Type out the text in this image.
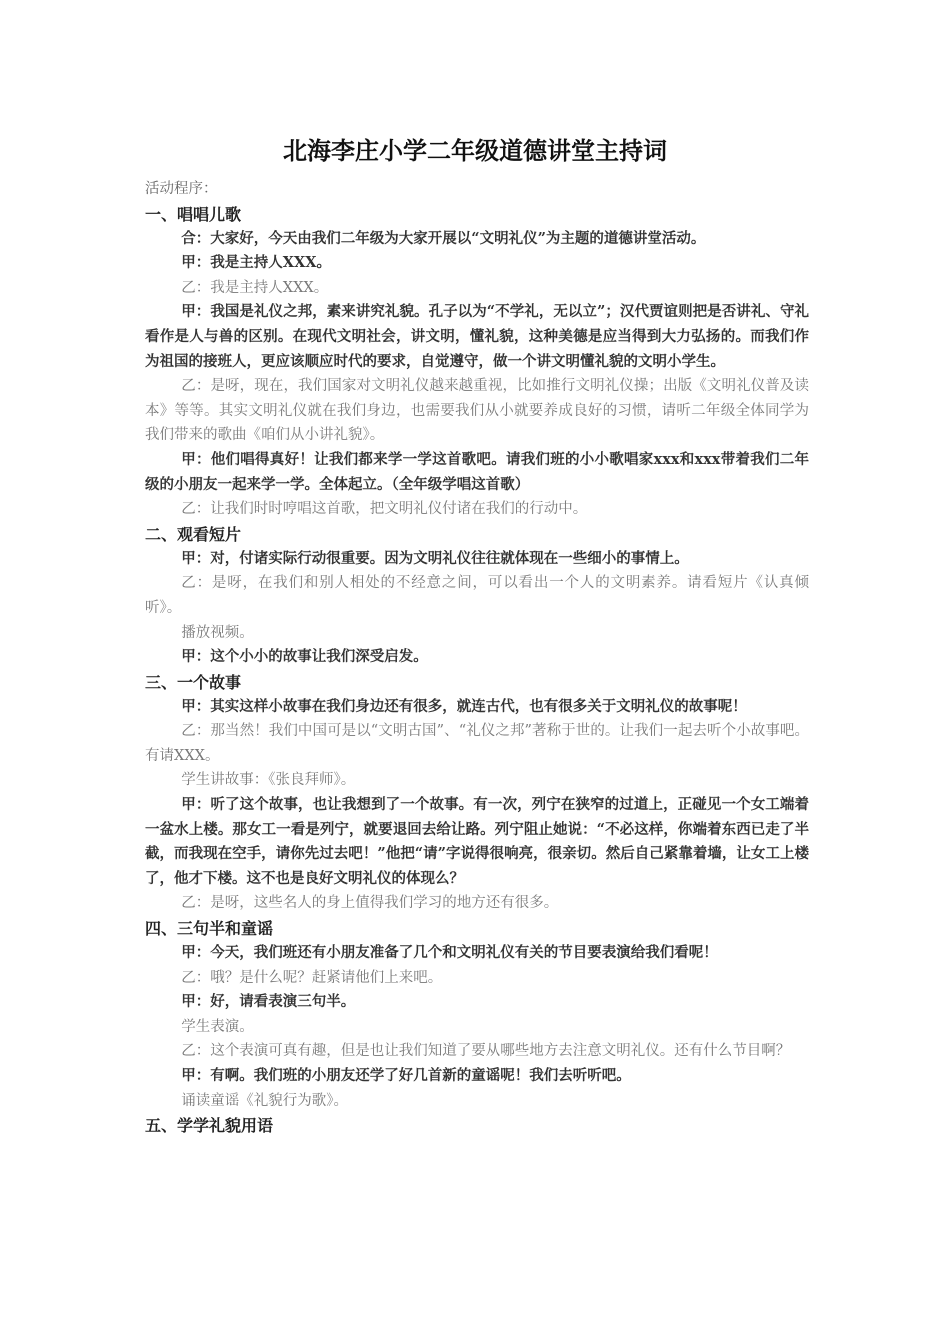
北海李庄小学二年级道德讲堂主持词
活动程序：
一、唱唱儿歌

合：大家好，今天由我们二年级为大家开展以“文明礼仪”为主题的道德讲堂活动。

甲：我是主持人XXX。

乙：我是主持人XXX。

甲：我国是礼仪之邦，素来讲究礼貌。孔子以为“不学礼，无以立”；汉代贾谊则把是否讲礼、守礼看作是人与兽的区别。在现代文明社会，讲文明，懂礼貌，这种美德是应当得到大力弘扬的。而我们作为祖国的接班人，更应该顺应时代的要求，自觉遵守，做一个讲文明懂礼貌的文明小学生。

乙：是呀，现在，我们国家对文明礼仪越来越重视，比如推行文明礼仪操；出版《文明礼仪普及读本》等等。其实文明礼仪就在我们身边，也需要我们从小就要养成良好的习惯，请听二年级全体同学为我们带来的歌曲《咱们从小讲礼貌》。

甲：他们唱得真好！让我们都来学一学这首歌吧。请我们班的小小歌唱家xxx和xxx带着我们二年级的小朋友一起来学一学。全体起立。（全年级学唱这首歌）

乙：让我们时时哼唱这首歌，把文明礼仪付诸在我们的行动中。

二、观看短片

甲：对，付诸实际行动很重要。因为文明礼仪往往就体现在一些细小的事情上。

乙：是呀，在我们和别人相处的不经意之间，可以看出一个人的文明素养。请看短片《认真倾听》。

播放视频。

甲：这个小小的故事让我们深受启发。

三、一个故事

甲：其实这样小故事在我们身边还有很多，就连古代，也有很多关于文明礼仪的故事呢！

乙：那当然！我们中国可是以“文明古国”、“礼仪之邦”著称于世的。让我们一起去听个小故事吧。有请XXX。

学生讲故事：《张良拜师》。

甲：听了这个故事，也让我想到了一个故事。有一次，列宁在狭窄的过道上，正碰见一个女工端着一盆水上楼。那女工一看是列宁，就要退回去给让路。列宁阻止她说：“不必这样，你端着东西已走了半截，而我现在空手，请你先过去吧！”他把“请”字说得很响亮，很亲切。然后自己紧靠着墙，让女工上楼了，他才下楼。这不也是良好文明礼仪的体现么？

乙：是呀，这些名人的身上值得我们学习的地方还有很多。

四、三句半和童谣

甲：今天，我们班还有小朋友准备了几个和文明礼仪有关的节目要表演给我们看呢！

乙：哦？是什么呢？赶紧请他们上来吧。

甲：好，请看表演三句半。

学生表演。

乙：这个表演可真有趣，但是也让我们知道了要从哪些地方去注意文明礼仪。还有什么节目啊？

甲：有啊。我们班的小朋友还学了好几首新的童谣呢！我们去听听吧。

诵读童谣《礼貌行为歌》。

五、学学礼貌用语
